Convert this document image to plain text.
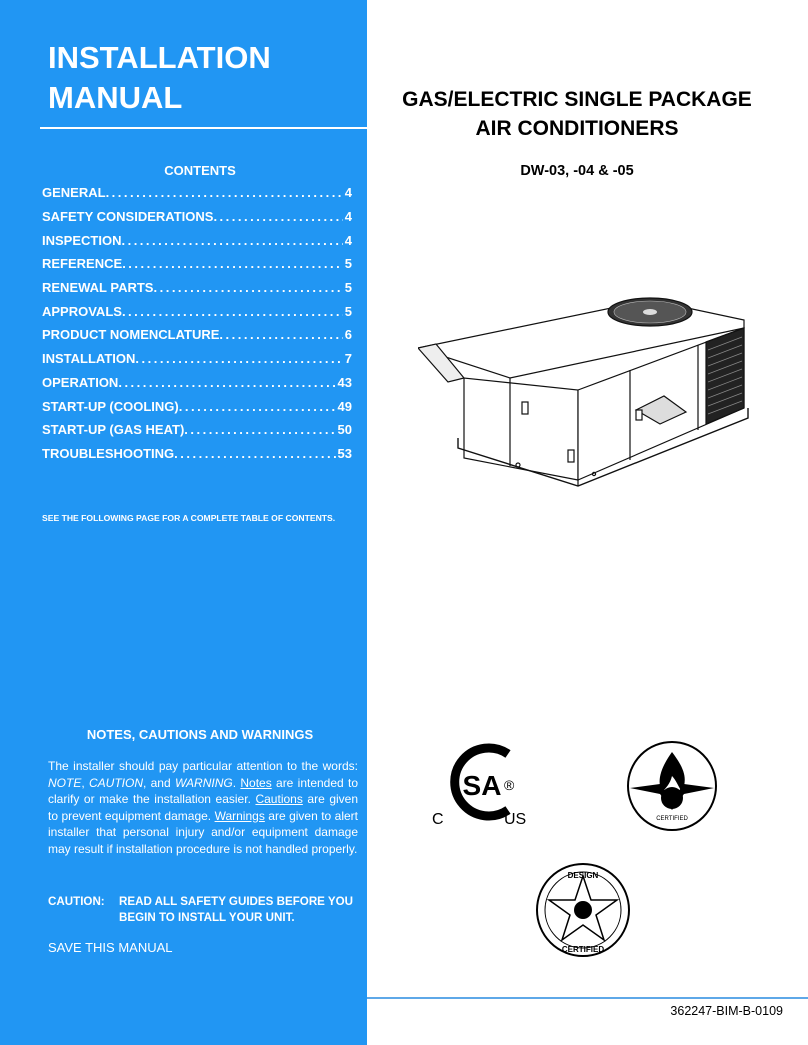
INSTALLATION
MANUAL
CONTENTS
GENERAL .....	4
SAFETY CONSIDERATIONS .....	4
INSPECTION .....	4
REFERENCE .....	5
RENEWAL PARTS .....	5
APPROVALS .....	5
PRODUCT NOMENCLATURE .....	6
INSTALLATION .....	7
OPERATION .....	43
START-UP (COOLING) .....	49
START-UP (GAS HEAT) .....	50
TROUBLESHOOTING .....	53
SEE THE FOLLOWING PAGE FOR A COMPLETE TABLE OF CONTENTS.
NOTES, CAUTIONS AND WARNINGS
The installer should pay particular attention to the words: NOTE, CAUTION, and WARNING. Notes are intended to clarify or make the installation easier. Cautions are given to prevent equipment damage. Warnings are given to alert installer that personal injury and/or equipment damage may result if installation procedure is not handled properly.
CAUTION:	READ ALL SAFETY GUIDES BEFORE YOU
BEGIN TO INSTALL YOUR UNIT.
SAVE THIS MANUAL
GAS/ELECTRIC SINGLE PACKAGE
AIR CONDITIONERS
DW-03, -04 & -05
SA ®
C	US	CERTIFIED
DESIGN
CERTIFIED
362247-BIM-B-0109
